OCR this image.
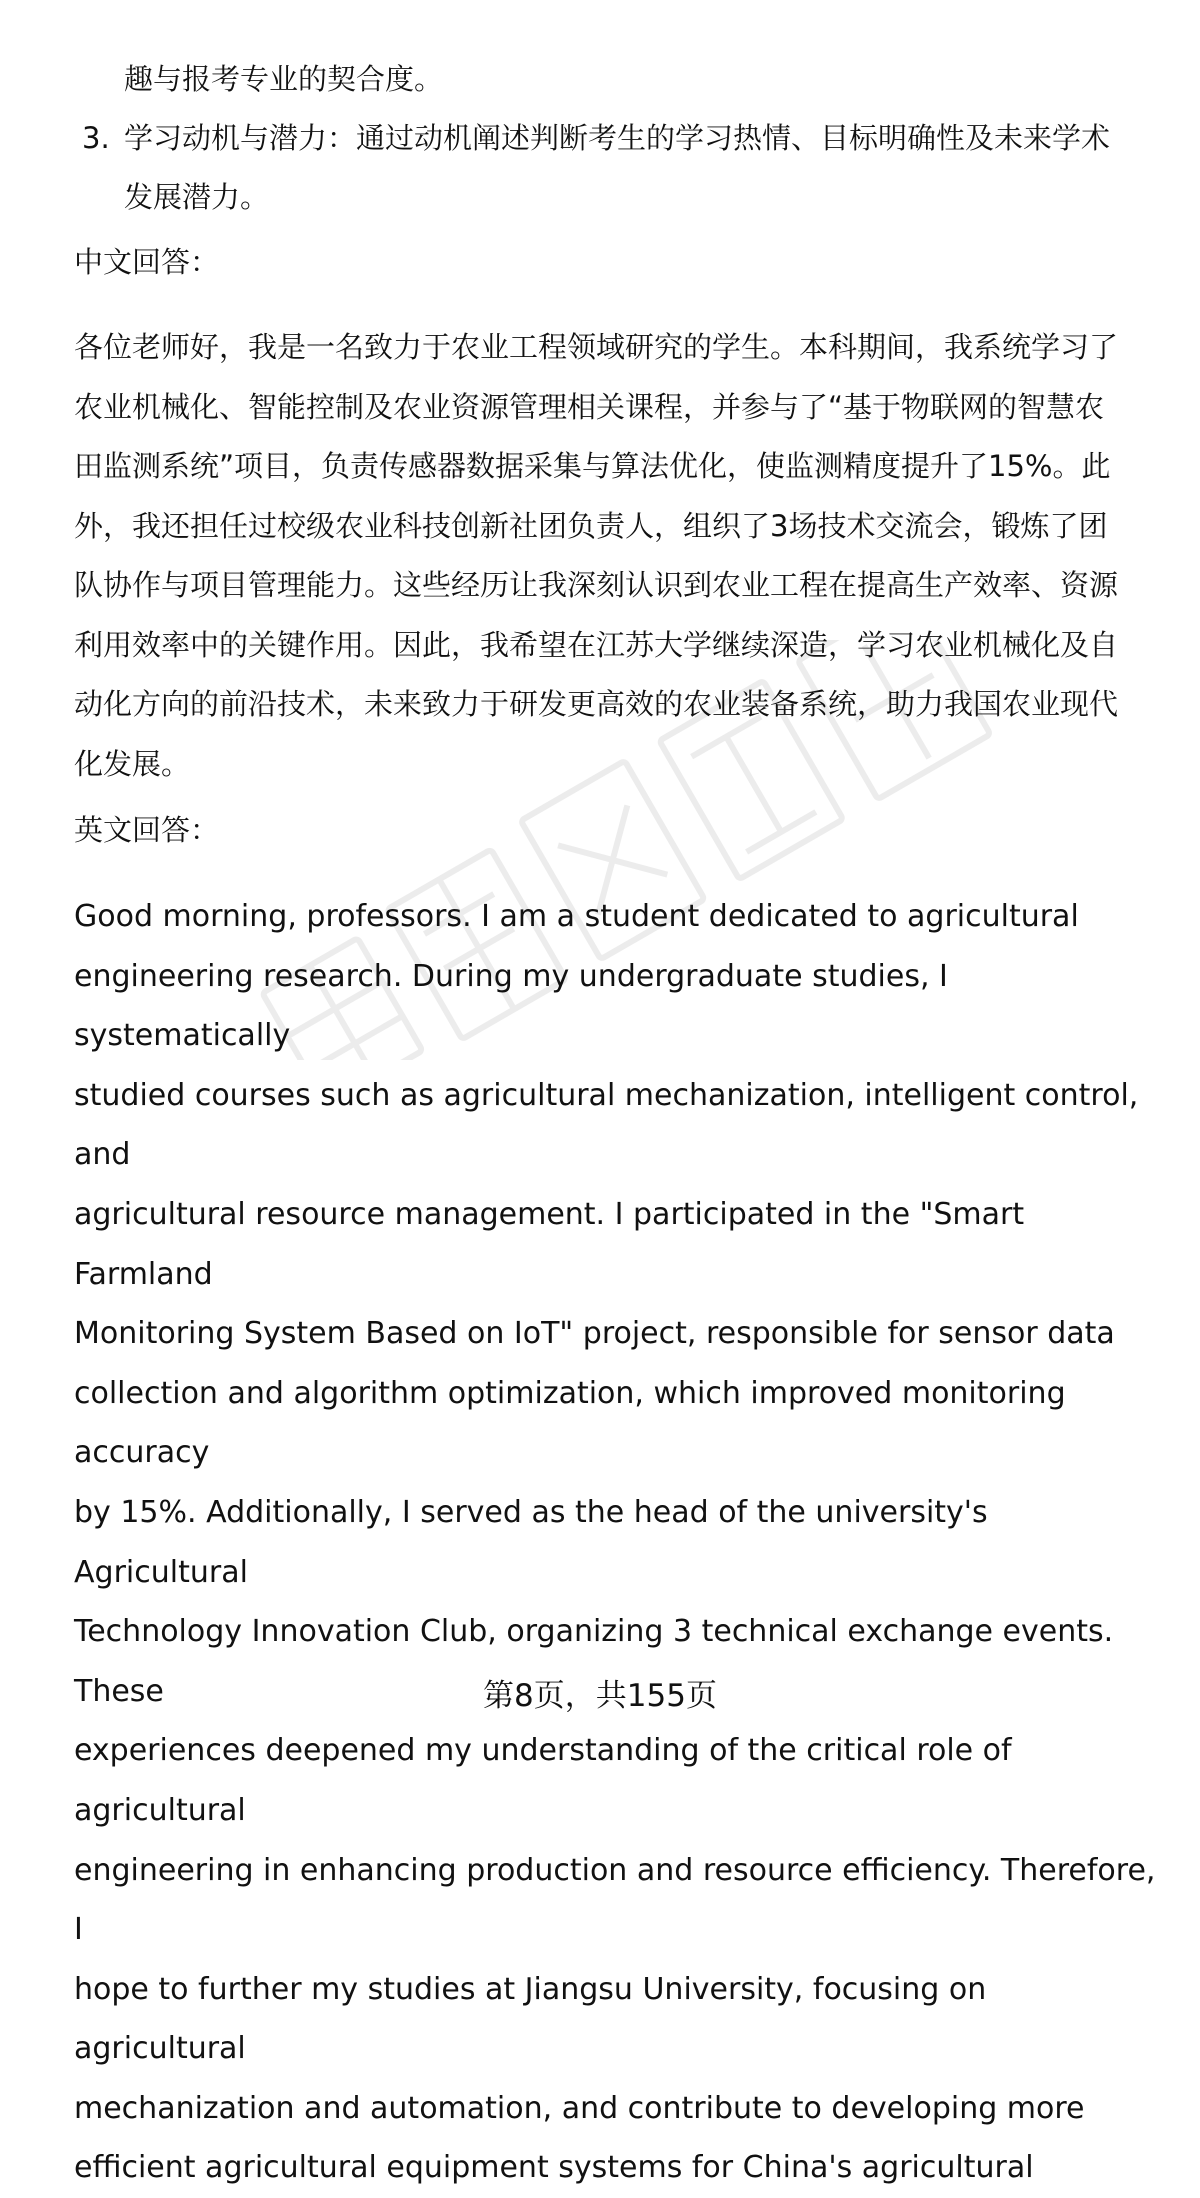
趣与报考专业的契合度。

3. 学习动机与潜力：通过动机阐述判断考生的学习热情、目标明确性及未来学术
发展潜力。

中文回答：

各位老师好，我是一名致力于农业工程领域研究的学生。本科期间，我系统学习了
农业机械化、智能控制及农业资源管理相关课程，并参与了“基于物联网的智慧农
田监测系统”项目，负责传感器数据采集与算法优化，使监测精度提升了15%。此
外，我还担任过校级农业科技创新社团负责人，组织了3场技术交流会，锻炼了团
队协作与项目管理能力。这些经历让我深刻认识到农业工程在提高生产效率、资源
利用效率中的关键作用。因此，我希望在江苏大学继续深造，学习农业机械化及自
动化方向的前沿技术，未来致力于研发更高效的农业装备系统，助力我国农业现代
化发展。

英文回答：

Good morning, professors. I am a student dedicated to agricultural
engineering research. During my undergraduate studies, I systematically
studied courses such as agricultural mechanization, intelligent control, and
agricultural resource management. I participated in the "Smart Farmland
Monitoring System Based on IoT" project, responsible for sensor data
collection and algorithm optimization, which improved monitoring accuracy
by 15%. Additionally, I served as the head of the university's Agricultural
Technology Innovation Club, organizing 3 technical exchange events. These
experiences deepened my understanding of the critical role of agricultural
engineering in enhancing production and resource efficiency. Therefore, I
hope to further my studies at Jiangsu University, focusing on agricultural
mechanization and automation, and contribute to developing more
efficient agricultural equipment systems for China's agricultural

第8页，共155页
